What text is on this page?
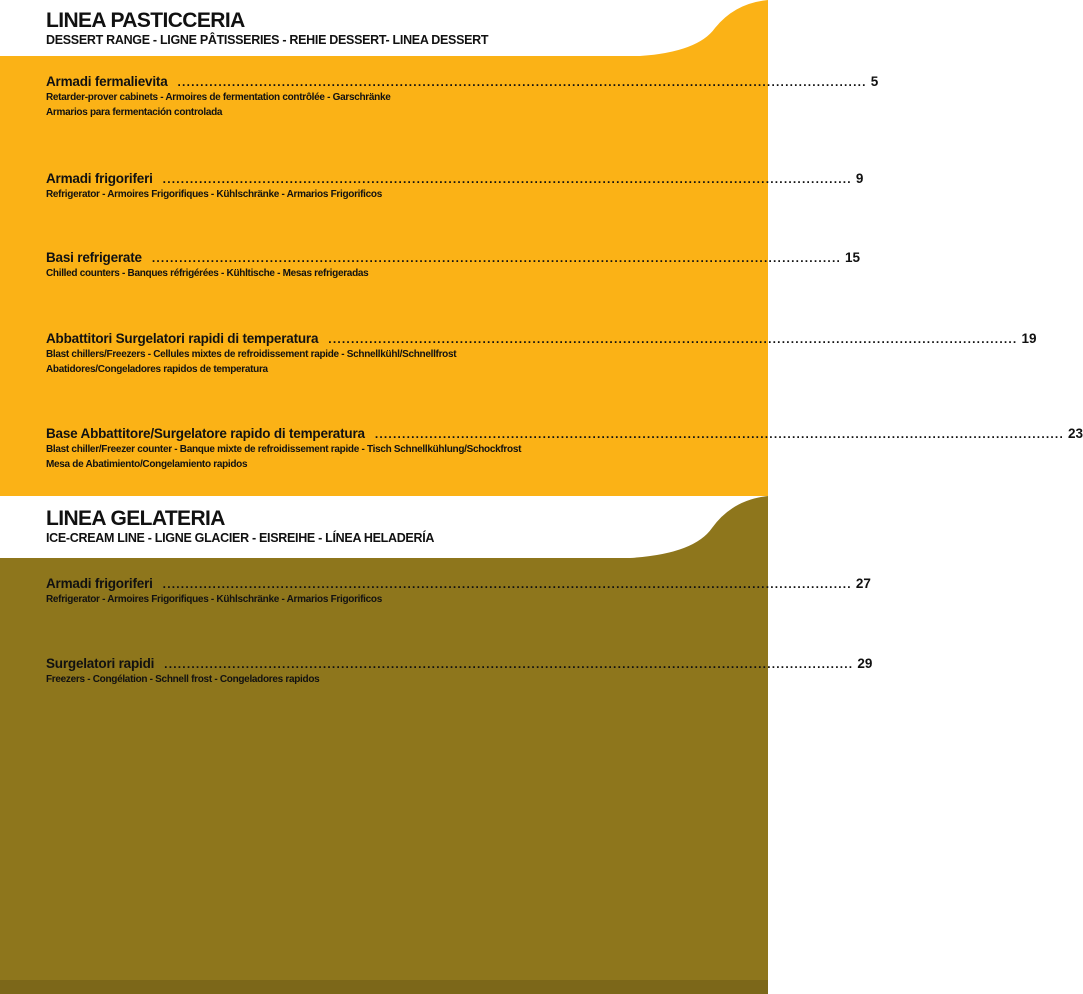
LINEA PASTICCERIA
DESSERT RANGE - LIGNE PÂTISSERIES - REHIE DESSERT- LINEA DESSERT
Armadi fermalievita ........................................................................................................................................................ 5
Retarder-prover cabinets - Armoires de fermentation contrôlée - Garschränke
Armarios para fermentación controlada
Armadi frigoriferi ........................................................................................................................................................ 9
Refrigerator - Armoires Frigorifiques - Kühlschränke - Armarios Frigorificos
Basi refrigerate ........................................................................................................................................................ 15
Chilled counters - Banques réfrigérées - Kühltische - Mesas refrigeradas
Abbattitori Surgelatori rapidi di temperatura ........................................................................................................................................................ 19
Blast chillers/Freezers - Cellules mixtes de refroidissement rapide - Schnellkühl/Schnellfrost
Abatidores/Congeladores rapidos de temperatura
Base Abbattitore/Surgelatore rapido di temperatura ........................................................................................................................................................ 23
Blast chiller/Freezer counter - Banque mixte de refroidissement rapide - Tisch Schnellkühlung/Schockfrost
Mesa de Abatimiento/Congelamiento rapidos
LINEA GELATERIA
ICE-CREAM LINE - LIGNE GLACIER - EISREIHE - LÍNEA HELADERÍA
Armadi frigoriferi ........................................................................................................................................................ 27
Refrigerator - Armoires Frigorifiques - Kühlschränke - Armarios Frigorificos
Surgelatori rapidi ........................................................................................................................................................ 29
Freezers - Congélation - Schnell frost - Congeladores rapidos
